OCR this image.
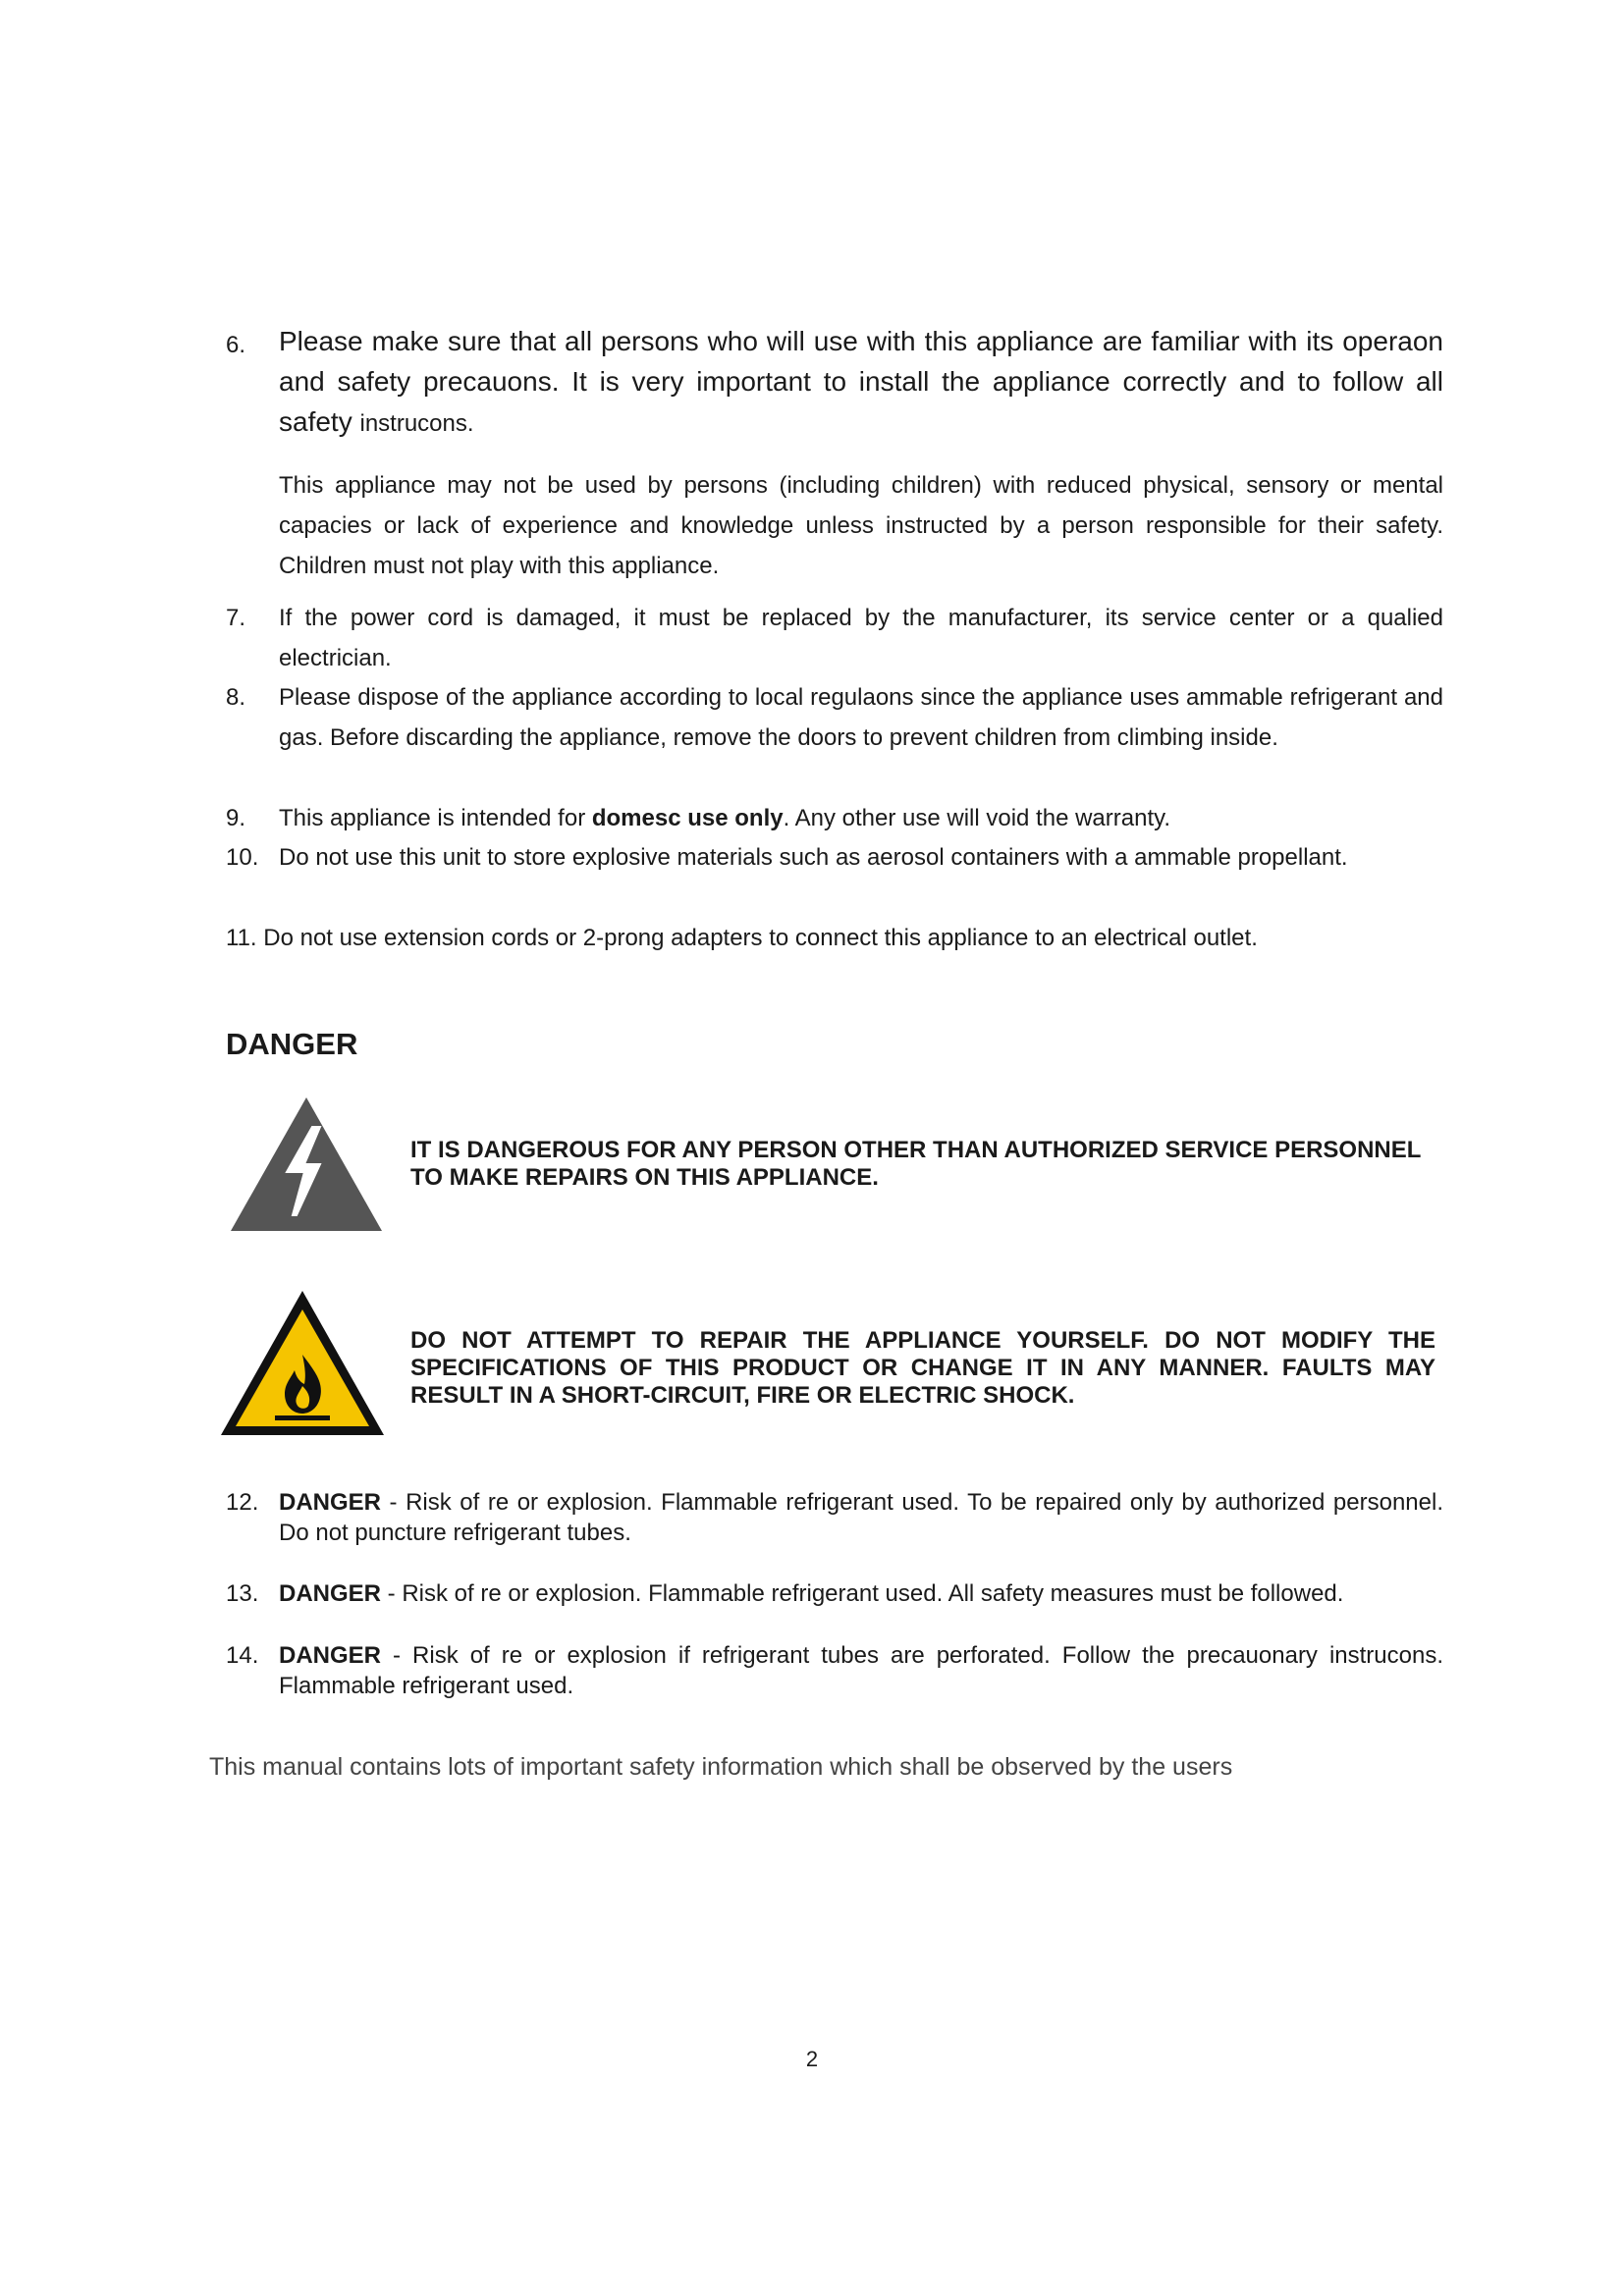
6.	Please make sure that all persons who will use with this appliance are familiar with its operaon and safety precauons. It is very important to install the appliance correctly and to follow all safety instrucons.
This appliance may not be used by persons (including children) with reduced physical, sensory or mental capacies or lack of experience and knowledge unless instructed by a person responsible for their safety. Children must not play with this appliance.
7.	If the power cord is damaged, it must be replaced by the manufacturer, its service center or a qualied electrician.
8.	Please dispose of the appliance according to local regulaons since the appliance uses ammable refrigerant and gas. Before discarding the appliance, remove the doors to prevent children from climbing inside.
9.	This appliance is intended for domesc use only. Any other use will void the warranty.
10. Do not use this unit to store explosive materials such as aerosol containers with a ammable propellant.
11. Do not use extension cords or 2-prong adapters to connect this appliance to an electrical outlet.
DANGER
IT IS DANGEROUS FOR ANY PERSON OTHER THAN AUTHORIZED SERVICE PERSONNEL TO MAKE REPAIRS ON THIS APPLIANCE.
DO NOT ATTEMPT TO REPAIR THE APPLIANCE YOURSELF. DO NOT MODIFY THE SPECIFICATIONS OF THIS PRODUCT OR CHANGE IT IN ANY MANNER. FAULTS MAY RESULT IN A SHORT-CIRCUIT, FIRE OR ELECTRIC SHOCK.
12. DANGER - Risk of re or explosion. Flammable refrigerant used. To be repaired only by authorized personnel. Do not puncture refrigerant tubes.
13. DANGER - Risk of re or explosion. Flammable refrigerant used. All safety measures must be followed.
14. DANGER - Risk of re or explosion if refrigerant tubes are perforated. Follow the precauonary instrucons. Flammable refrigerant used.
This manual contains lots of important safety information which shall be observed by the users
2
